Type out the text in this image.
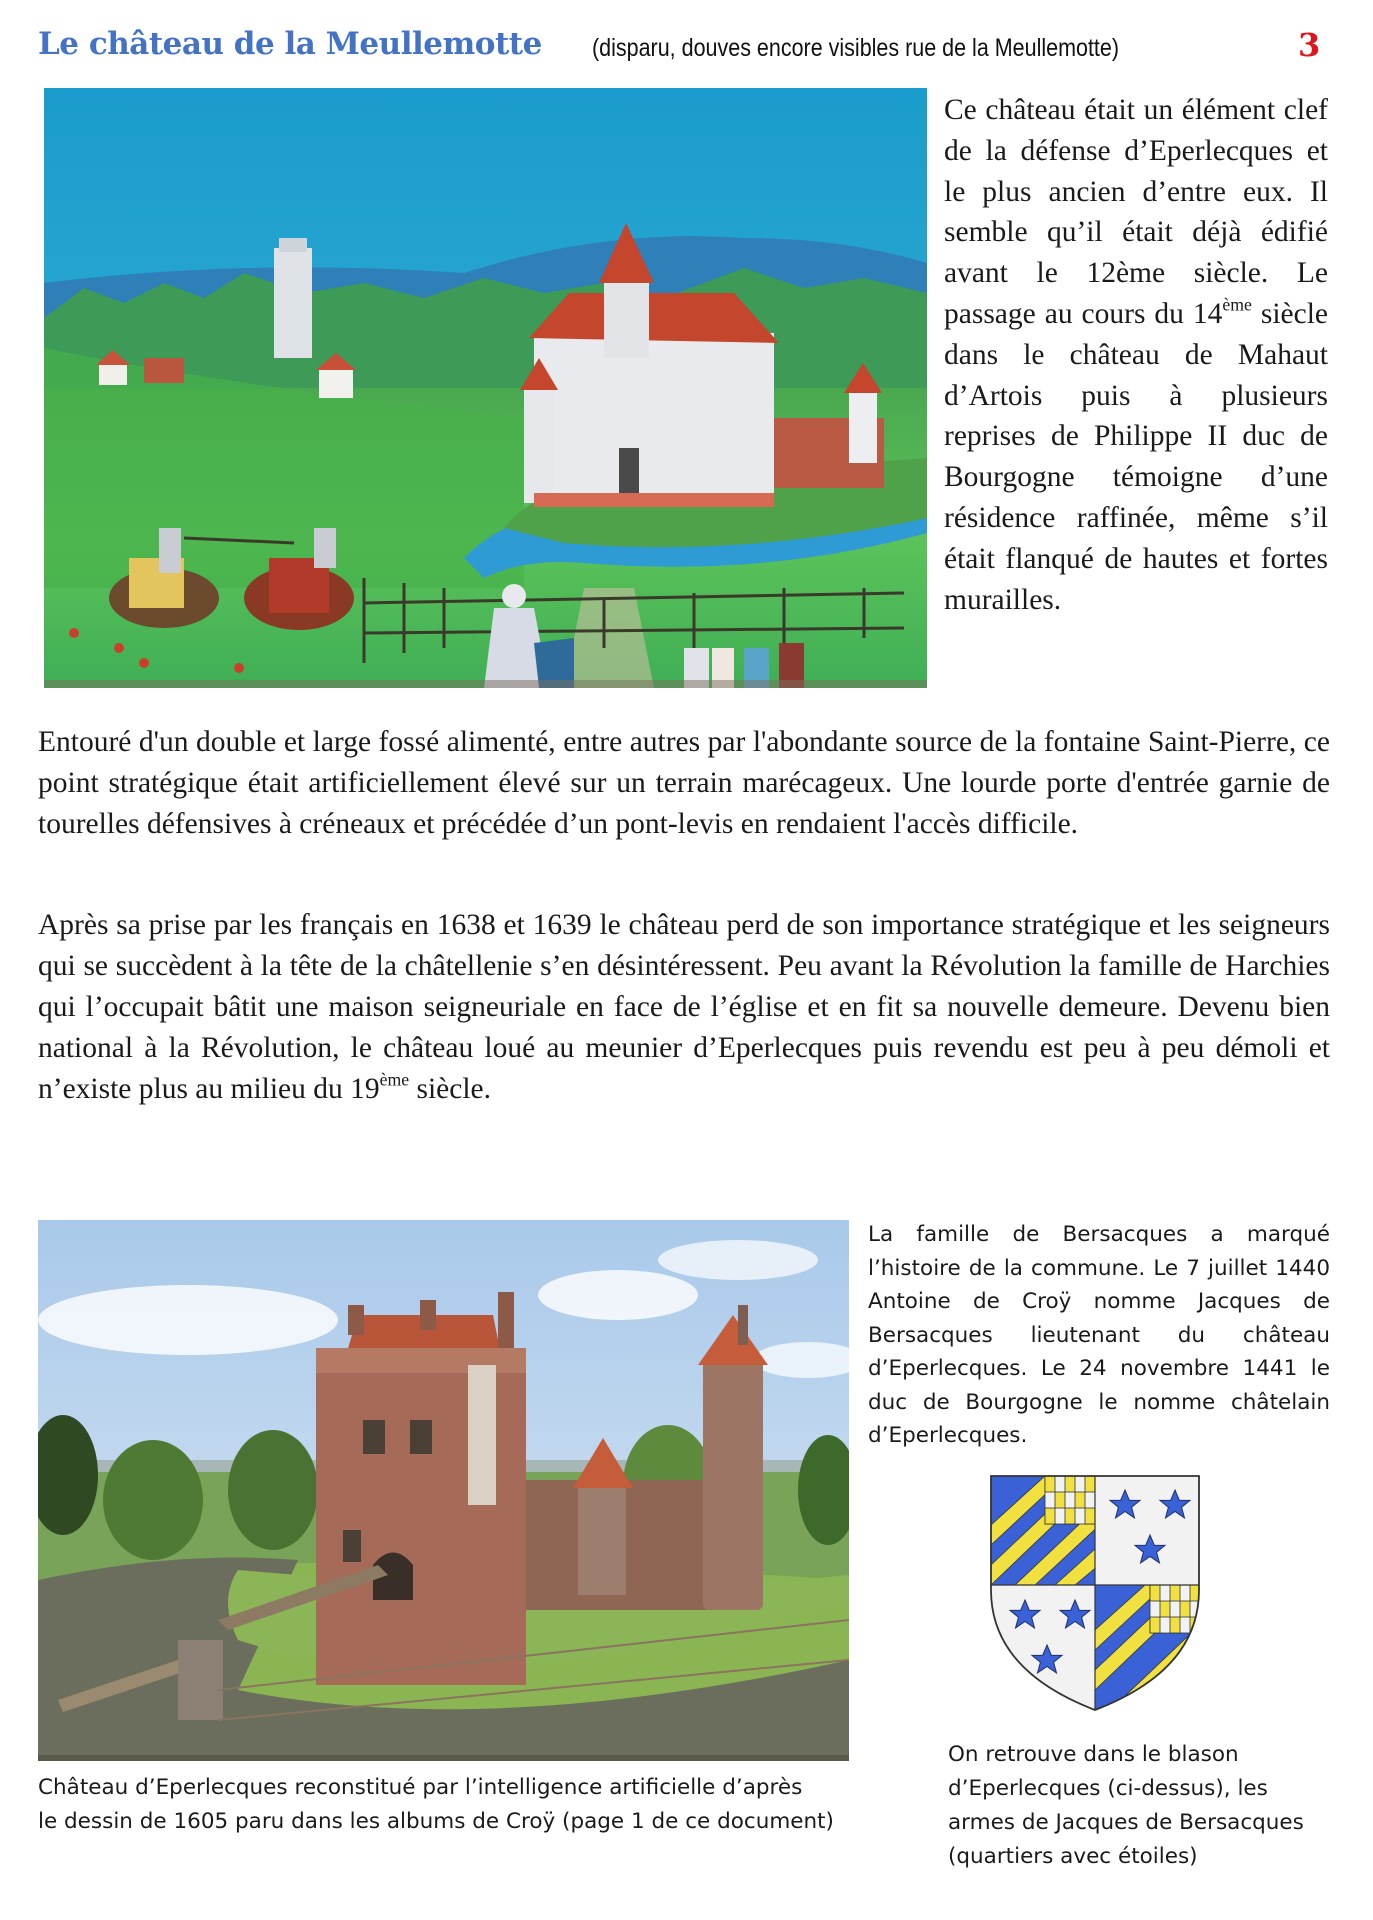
Le château de la Meullemotte (disparu, douves encore visibles rue de la Meullemotte)	3

Ce château était un élément clef de la défense d’Eperlecques et le plus ancien d’entre eux. Il semble qu’il était déjà édifié avant le 12ème siècle. Le passage au cours du 14ème siècle dans le château de Mahaut d’Artois puis à plusieurs reprises de Philippe II duc de Bourgogne témoigne d’une résidence raffinée, même s’il était flanqué de hautes et fortes murailles.

Entouré d'un double et large fossé alimenté, entre autres par l'abondante source de la fontaine Saint-Pierre, ce point stratégique était artificiellement élevé sur un terrain marécageux. Une lourde porte d'entrée garnie de tourelles défensives à créneaux et précédée d’un pont-levis en rendaient l'accès difficile.

Après sa prise par les français en 1638 et 1639 le château perd de son importance stratégique et les seigneurs qui se succèdent à la tête de la châtellenie s’en désintéressent. Peu avant la Révolution la famille de Harchies qui l’occupait bâtit une maison seigneuriale en face de l’église et en fit sa nouvelle demeure. Devenu bien national à la Révolution, le château loué au meunier d’Eperlecques puis revendu est peu à peu démoli et n’existe plus au milieu du 19ème siècle.

La famille de Bersacques a marqué l’histoire de la commune. Le 7 juillet 1440 Antoine de Croÿ nomme Jacques de Bersacques lieutenant du château d’Eperlecques. Le 24 novembre 1441 le duc de Bourgogne le nomme châtelain d’Eperlecques.

Château d’Eperlecques reconstitué par l’intelligence artificielle d’après
le dessin de 1605 paru dans les albums de Croÿ (page 1 de ce document)
On retrouve dans le blason
d’Eperlecques (ci-dessus), les
armes de Jacques de Bersacques
(quartiers avec étoiles)
